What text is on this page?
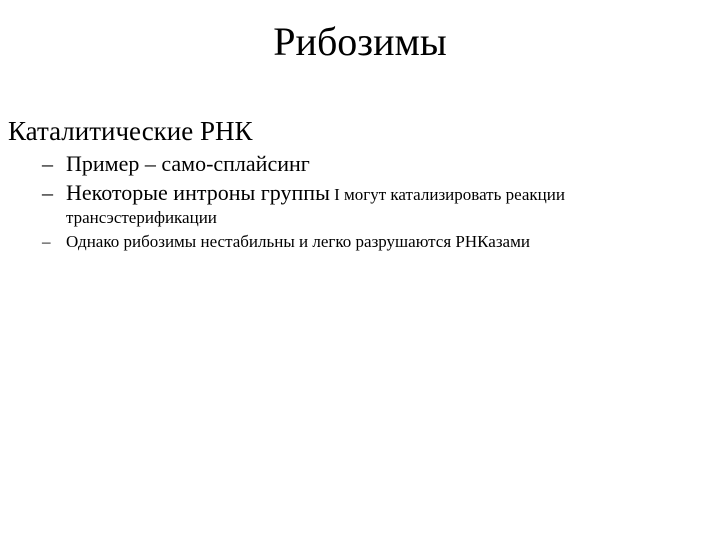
Рибозимы
Каталитические РНК
– Пример – само-сплайсинг
– Некоторые интроны группы I могут катализировать реакции трансэстерификации
– Однако рибозимы нестабильны и легко разрушаются РНКазами
